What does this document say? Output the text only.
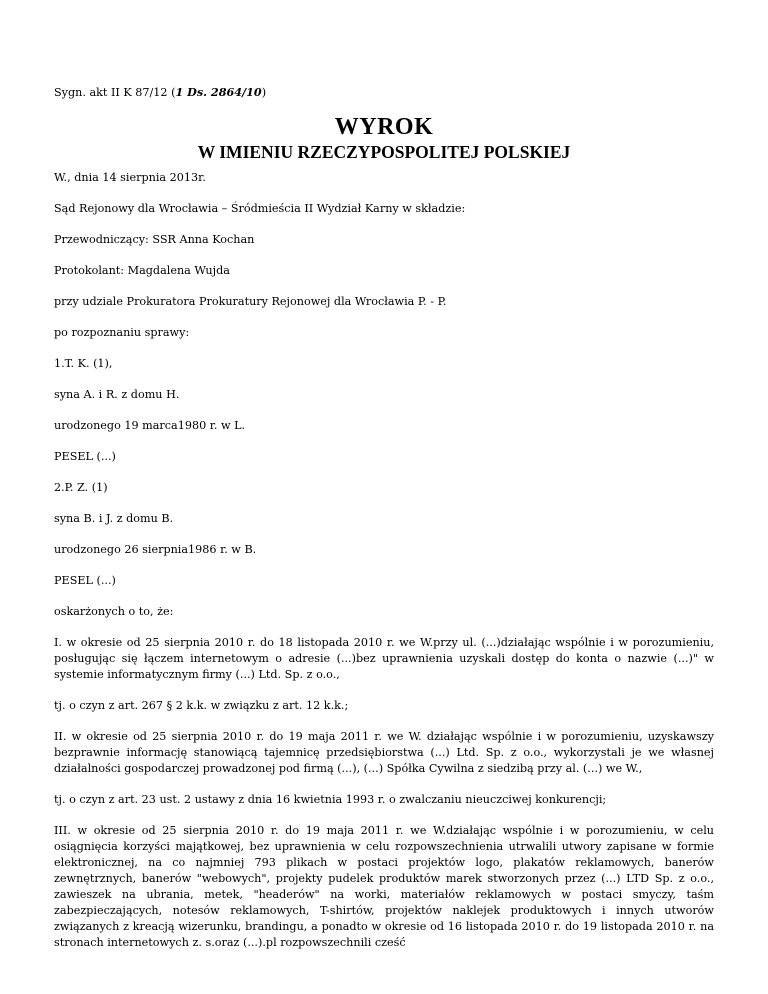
Sygn. akt II K 87/12 (1 Ds. 2864/10)

WYROK
W IMIENIU RZECZYPOSPOLITEJ POLSKIEJ

W., dnia 14 sierpnia 2013r.

Sąd Rejonowy dla Wrocławia – Śródmieścia II Wydział Karny w składzie:

Przewodniczący: SSR Anna Kochan

Protokolant: Magdalena Wujda

przy udziale Prokuratora Prokuratury Rejonowej dla Wrocławia P. - P.

po rozpoznaniu sprawy:

1.T. K. (1),

syna A. i R. z domu H.

urodzonego 19 marca1980 r. w L.

PESEL (...)

2.P. Z. (1)

syna B. i J. z domu B.

urodzonego 26 sierpnia1986 r. w B.

PESEL (...)

oskarżonych o to, że:

I. w okresie od 25 sierpnia 2010 r. do 18 listopada 2010 r. we W.przy ul. (...)działając wspólnie i w porozumieniu, posługując się łączem internetowym o adresie (...)bez uprawnienia uzyskali dostęp do konta o nazwie (...)" w systemie informatycznym firmy (...) Ltd. Sp. z o.o.,

tj. o czyn z art. 267 § 2 k.k. w związku z art. 12 k.k.;

II. w okresie od 25 sierpnia 2010 r. do 19 maja 2011 r. we W. działając wspólnie i w porozumieniu, uzyskawszy bezprawnie informację stanowiącą tajemnicę przedsiębiorstwa (...) Ltd. Sp. z o.o., wykorzystali je we własnej działalności gospodarczej prowadzonej pod firmą (...), (...) Spółka Cywilna z siedzibą przy al. (...) we W.,

tj. o czyn z art. 23 ust. 2 ustawy z dnia 16 kwietnia 1993 r. o zwalczaniu nieuczciwej konkurencji;

III. w okresie od 25 sierpnia 2010 r. do 19 maja 2011 r. we W.działając wspólnie i w porozumieniu, w celu osiągnięcia korzyści majątkowej, bez uprawnienia w celu rozpowszechnienia utrwalili utwory zapisane w formie elektronicznej, na co najmniej 793 plikach w postaci projektów logo, plakatów reklamowych, banerów zewnętrznych, banerów "webowych", projekty pudelek produktów marek stworzonych przez (...) LTD Sp. z o.o., zawieszek na ubrania, metek, "headerów" na worki, materiałów reklamowych w postaci smyczy, taśm zabezpieczających, notesów reklamowych, T-shirtów, projektów naklejek produktowych i innych utworów związanych z kreacją wizerunku, brandingu, a ponadto w okresie od 16 listopada 2010 r. do 19 listopada 2010 r. na stronach internetowych z. s.oraz (...).pl rozpowszechnili cześć
